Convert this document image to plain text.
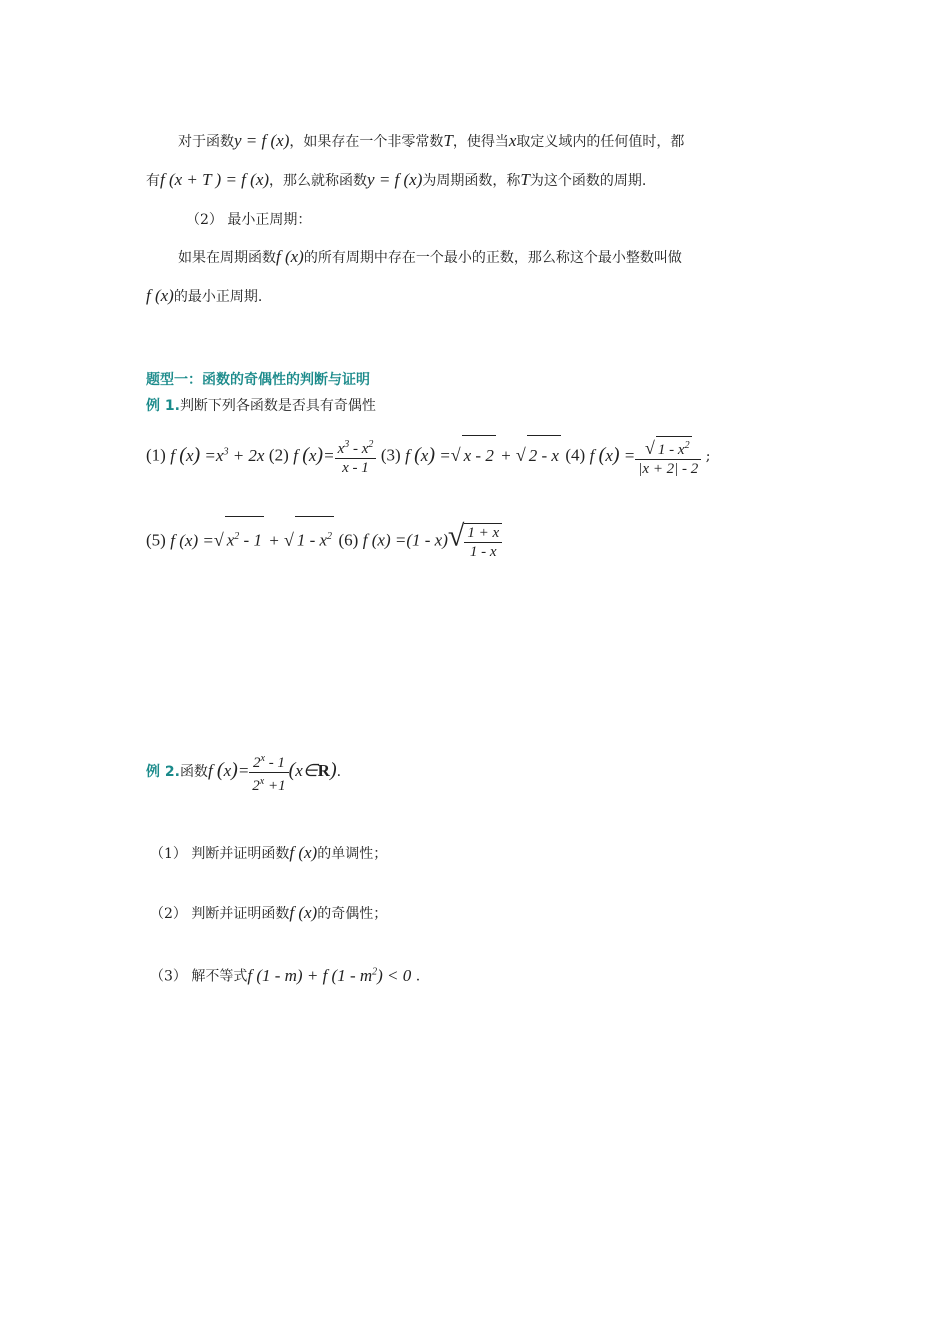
对于函数y = f (x)，如果存在一个非零常数T，使得当x取定义域内的任何值时，都
有f (x + T ) = f (x)，那么就称函数y = f (x)为周期函数，称T为这个函数的周期.
（2） 最小正周期：
如果在周期函数f (x)的所有周期中存在一个最小的正数，那么称这个最小整数叫做
f (x)的最小正周期.
题型一：函数的奇偶性的判断与证明
例 1.判断下列各函数是否具有奇偶性
(1) f $(x) =x^3 + 2x$ (2) f $(x)= \frac{x^3 - x^2}{x - 1} (3)$ f (x) =√ x - 2 + √ 2 - x (4) f $(x) = \frac{√ 1 - x^2}{|x + 2| - 2}$ ;
(5) f (x) =√ $x^2 - 1$ + √ $1 - x^2$ (6) f $(x) =(1 - x)√ \frac{1 + x}{1 - x}$
例 2.函数f $(x)= \frac{2^x - 1}{2^x +1}$ (x∈R).
（1） 判断并证明函数f (x)的单调性；
（2） 判断并证明函数f (x)的奇偶性；
（3） 解不等式f (1 - m) + f $(1 - m^2) < 0$ .
